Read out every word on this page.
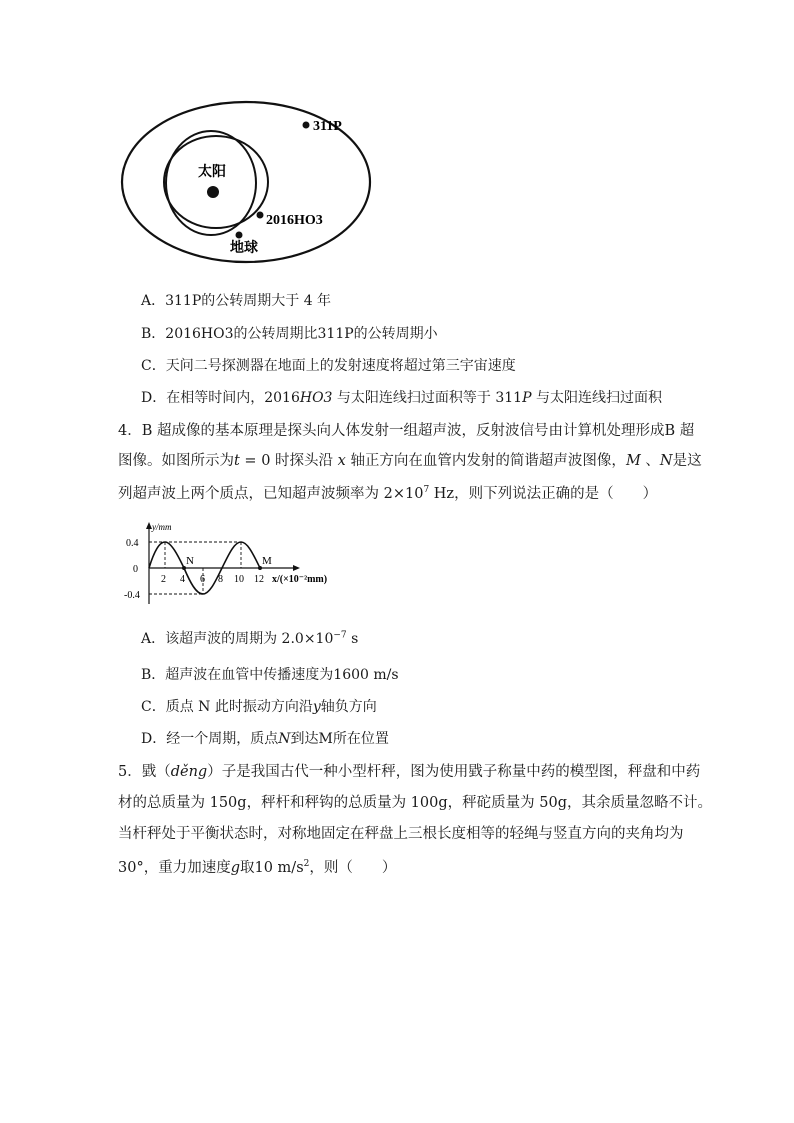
311P
太阳
2016HO3
地球
A．311P的公转周期大于 4 年
B．2016HO3的公转周期比311P的公转周期小
C．天问二号探测器在地面上的发射速度将超过第三宇宙速度
D．在相等时间内，2016HO3 与太阳连线扫过面积等于 311P 与太阳连线扫过面积
4．B 超成像的基本原理是探头向人体发射一组超声波，反射波信号由计算机处理形成B 超
图像。如图所示为t = 0 时探头沿 x 轴正方向在血管内发射的简谐超声波图像，M 、N是这
列超声波上两个质点，已知超声波频率为 $2\times 10^7$ Hz，则下列说法正确的是（　　）
y/mm
0.4
0
-0.4
2 4 6 8 10 12
N	M
x/(×10⁻²mm)
A．该超声波的周期为 $2.0\times 10^{-7}$ s
B．超声波在血管中传播速度为1600 m/s
C．质点 N 此时振动方向沿y轴负方向
D．经一个周期，质点N到达M所在位置
5．戥（děng）子是我国古代一种小型杆秤，图为使用戥子称量中药的模型图，秤盘和中药
材的总质量为 150g，秤杆和秤钩的总质量为 100g，秤砣质量为 50g，其余质量忽略不计。
当杆秤处于平衡状态时，对称地固定在秤盘上三根长度相等的轻绳与竖直方向的夹角均为
30°，重力加速度g取10 $m/s^2$，则（　　）
